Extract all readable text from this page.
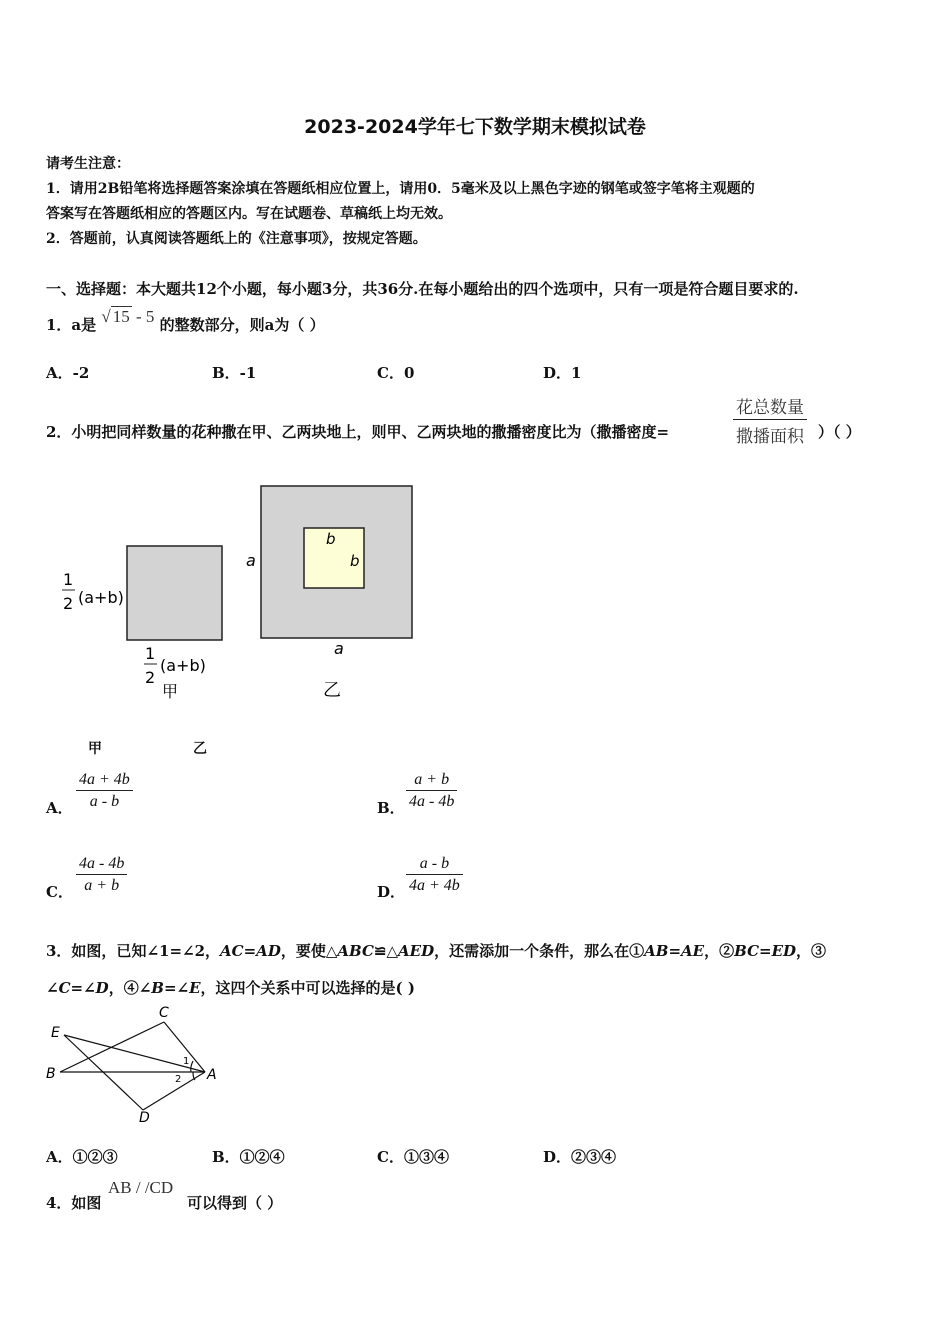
2023-2024学年七下数学期末模拟试卷
请考生注意：
1．请用2B铅笔将选择题答案涂填在答题纸相应位置上，请用0．5毫米及以上黑色字迹的钢笔或签字笔将主观题的
答案写在答题纸相应的答题区内。写在试题卷、草稿纸上均无效。
2．答题前，认真阅读答题纸上的《注意事项》，按规定答题。
一、选择题：本大题共12个小题，每小题3分，共36分.在每小题给出的四个选项中，只有一项是符合题目要求的.
1．a是 √ 15 - 5 的整数部分，则a为（ ）
A．-2	B．-1	C．0	D．1
2．小明把同样数量的花种撒在甲、乙两块地上，则甲、乙两块地的撒播密度比为（撒播密度=
花总数量
撒播面积 ）（ ）
1
2 (a+b)
1
2
(a+b)
甲
a
a
b
b
乙
甲	乙
A．
4a + 4b
a - b	B．
a + b
4a - 4b
C．
4a - 4b
a + b	D．
a - b
4a + 4b
3．如图，已知∠1=∠2，AC=AD，要使△ABC≌△AED，还需添加一个条件，那么在①AB=AE，②BC=ED，③
∠C=∠D，④∠B=∠E，这四个关系中可以选择的是( )
E
C
B	A
D
1
2
A．①②③	B．①②④	C．①③④	D．②③④
4．如图
AB / /CD
可以得到（ ）
